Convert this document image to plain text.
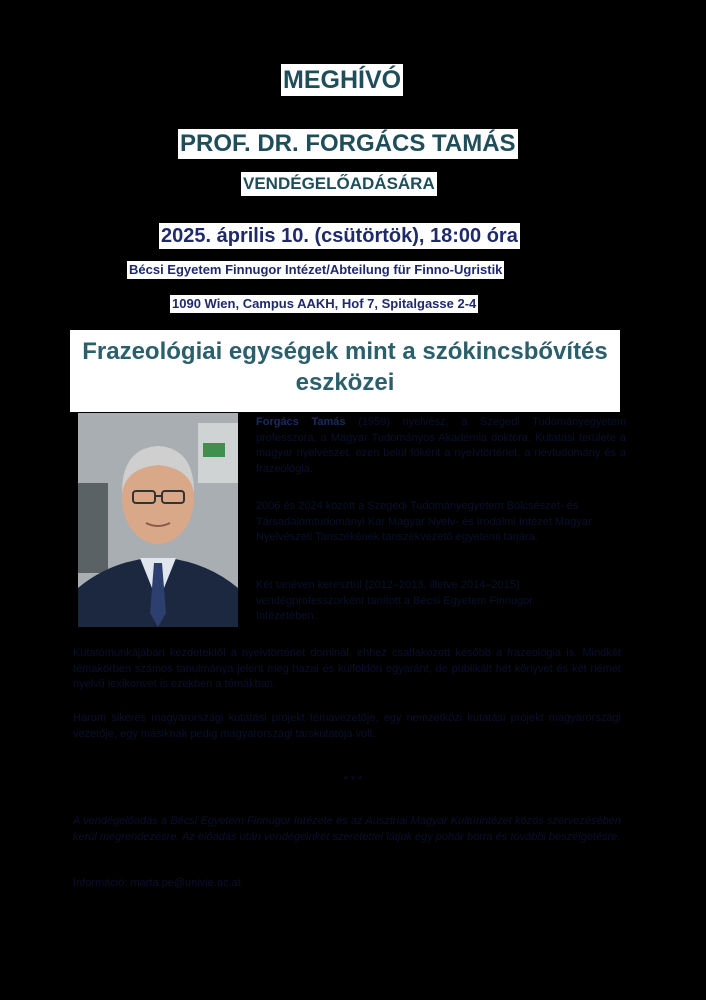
MEGHÍVÓ
PROF. DR. FORGÁCS TAMÁS
VENDÉGELŐADÁSÁRA
2025. április 10. (csütörtök), 18:00 óra
Bécsi Egyetem Finnugor Intézet/Abteilung für Finno-Ugristik
1090 Wien, Campus AAKH, Hof 7, Spitalgasse 2-4
Frazeológiai egységek mint a szókincsbővítés eszközei
Forgács Tamás (1959) nyelvész, a Szegedi Tudományegyetem professzora, a Magyar Tudományos Akadémia doktora. Kutatási területe a magyar nyelvészet, ezen belül főként a nyelvtörténet, a névtudomány és a frazeológia.
2006 és 2024 között a Szegedi Tudományegyetem Bölcsészet- és Társadalomtudományi Kar Magyar Nyelv- és Irodalmi Intézet Magyar Nyelvészeti Tanszékének tanszékvezető egyetemi tanára.
Két tanéven keresztül (2012–2013, illetve 2014–2015) vendégprofesszorként tanított a Bécsi Egyetem Finnugor Intézetében.
Kutatómunkájában kezdetektől a nyelvtörténet dominál, ehhez csatlakozott később a frazeológia is. Mindkét témakörben számos tanulmánya jelent meg hazai és külföldön egyaránt, de publikált hét könyvet és két német nyelvű lexikonvet is ezekben a témákban.
Három sikeres magyarországi kutatási projekt témavezetője, egy nemzetközi kutatási projekt magyarországi vezetője, egy másiknak pedig magyarországi társkutatója volt.
* * *
A vendégelőadás a Bécsi Egyetem Finnugor Intézete és az Ausztriai Magyar Kulturintézet közös szervezésében kerül megrendezésre. Az előadás után vendégeinket szeretettel látjuk egy pohár borra és további beszélgetésre.
Információ: marta.pe@univie.ac.at
